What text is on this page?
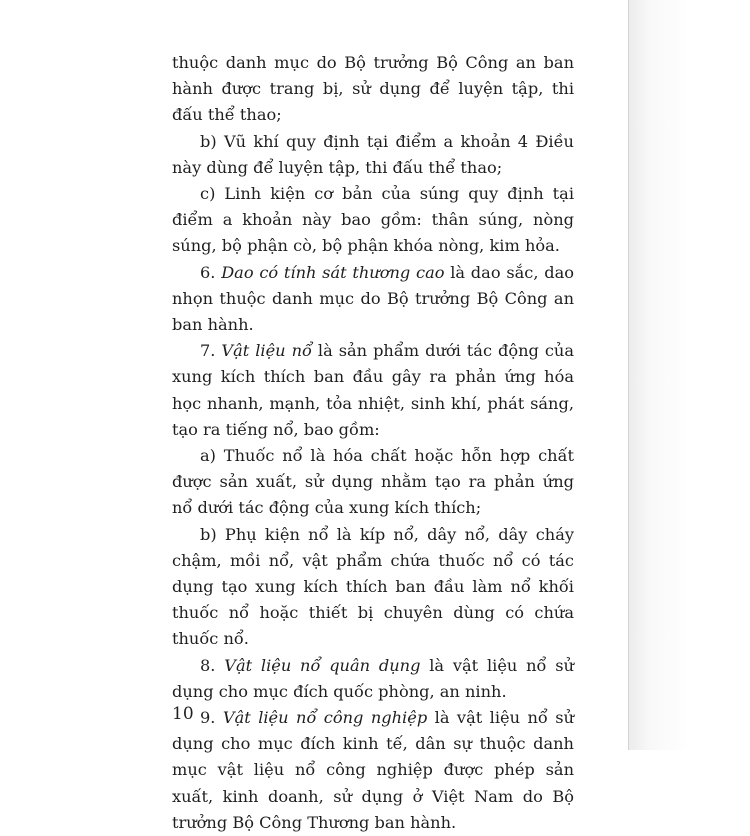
thuộc danh mục do Bộ trưởng Bộ Công an ban hành được trang bị, sử dụng để luyện tập, thi đấu thể thao;

b) Vũ khí quy định tại điểm a khoản 4 Điều này dùng để luyện tập, thi đấu thể thao;

c) Linh kiện cơ bản của súng quy định tại điểm a khoản này bao gồm: thân súng, nòng súng, bộ phận cò, bộ phận khóa nòng, kim hỏa.

6. Dao có tính sát thương cao là dao sắc, dao nhọn thuộc danh mục do Bộ trưởng Bộ Công an ban hành.

7. Vật liệu nổ là sản phẩm dưới tác động của xung kích thích ban đầu gây ra phản ứng hóa học nhanh, mạnh, tỏa nhiệt, sinh khí, phát sáng, tạo ra tiếng nổ, bao gồm:

a) Thuốc nổ là hóa chất hoặc hỗn hợp chất được sản xuất, sử dụng nhằm tạo ra phản ứng nổ dưới tác động của xung kích thích;

b) Phụ kiện nổ là kíp nổ, dây nổ, dây cháy chậm, mồi nổ, vật phẩm chứa thuốc nổ có tác dụng tạo xung kích thích ban đầu làm nổ khối thuốc nổ hoặc thiết bị chuyên dùng có chứa thuốc nổ.

8. Vật liệu nổ quân dụng là vật liệu nổ sử dụng cho mục đích quốc phòng, an ninh.

9. Vật liệu nổ công nghiệp là vật liệu nổ sử dụng cho mục đích kinh tế, dân sự thuộc danh mục vật liệu nổ công nghiệp được phép sản xuất, kinh doanh, sử dụng ở Việt Nam do Bộ trưởng Bộ Công Thương ban hành.

10
